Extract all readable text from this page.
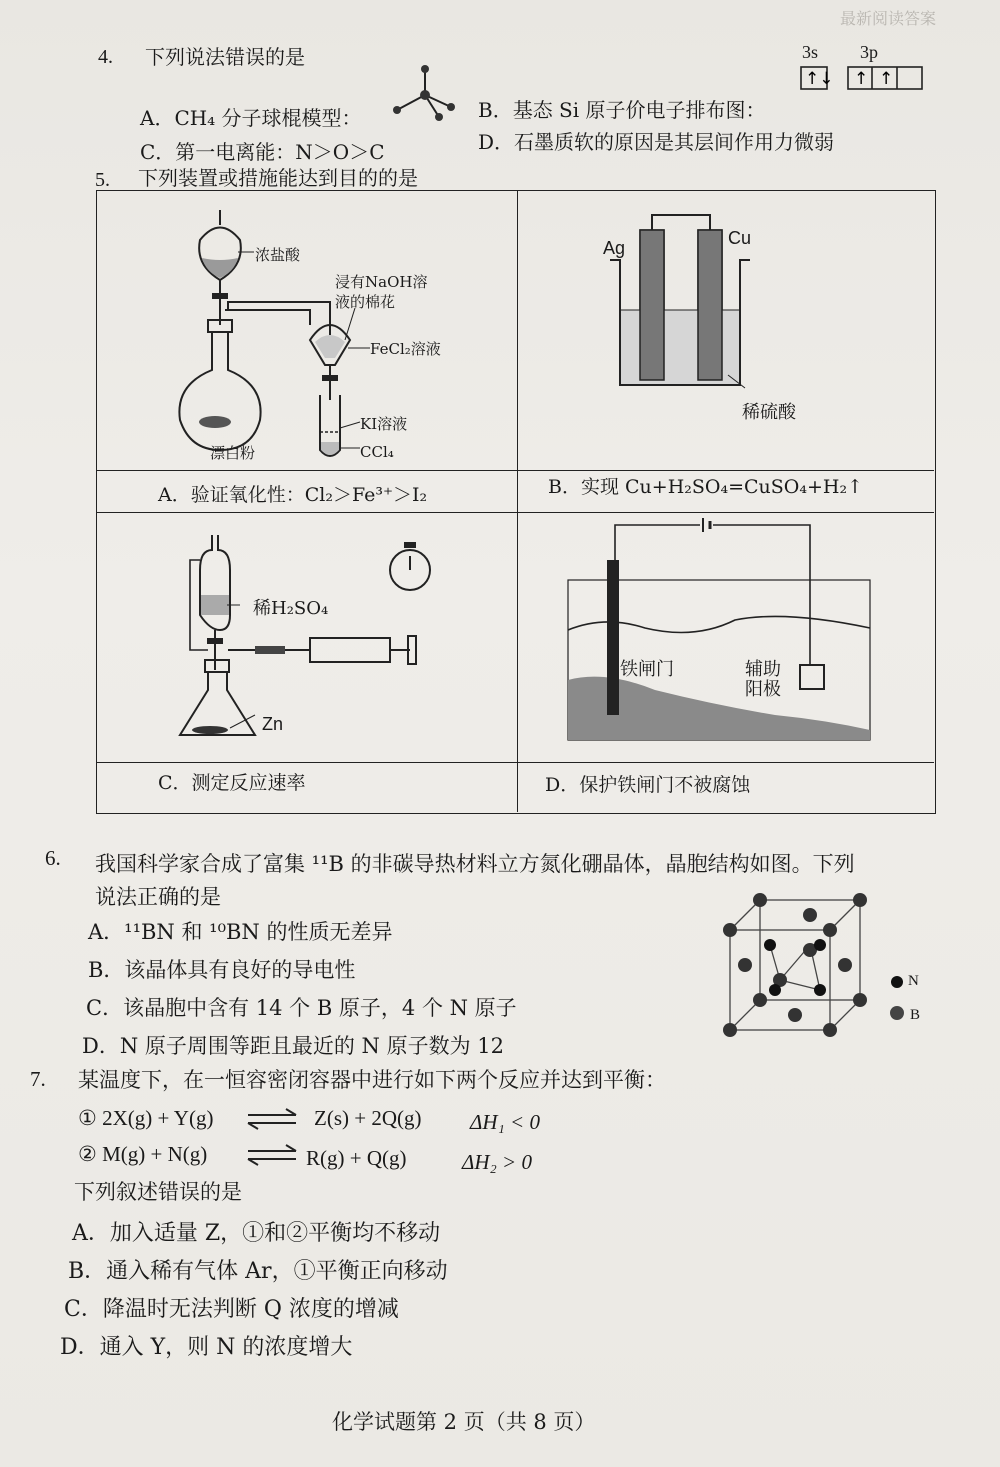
最新阅读答案
4. 下列说法错误的是
A．CH₄ 分子球棍模型：	B．基态 Si 原子价电子排布图：
3s 3p
↑↓ ↑ ↑
C．第一电离能：N＞O＞C	D．石墨质软的原因是其层间作用力微弱
5. 下列装置或措施能达到目的的是
浓盐酸
浸有NaOH溶
液的棉花
FeCl₂溶液
KI溶液
CCl₄
漂白粉
A．验证氧化性：Cl₂＞Fe³⁺＞I₂
Ag	Cu
稀硫酸
B．实现 Cu+H₂SO₄=CuSO₄+H₂↑
稀H₂SO₄
Zn
C．测定反应速率
铁闸门	辅助
阳极
D．保护铁闸门不被腐蚀
6. 我国科学家合成了富集 ¹¹B 的非碳导热材料立方氮化硼晶体，晶胞结构如图。下列
说法正确的是
A．¹¹BN 和 ¹⁰BN 的性质无差异
B．该晶体具有良好的导电性
C．该晶胞中含有 14 个 B 原子，4 个 N 原子
D．N 原子周围等距且最近的 N 原子数为 12
N
B
7. 某温度下，在一恒容密闭容器中进行如下两个反应并达到平衡：
① 2X(g) + Y(g) ⇌ Z(s) + 2Q(g) ΔH₁ < 0
② M(g) + N(g) ⇌ R(g) + Q(g)	ΔH₂ > 0
下列叙述错误的是
A．加入适量 Z，①和②平衡均不移动
B．通入稀有气体 Ar，①平衡正向移动
C．降温时无法判断 Q 浓度的增减
D．通入 Y，则 N 的浓度增大
化学试题第 2 页（共 8 页）
